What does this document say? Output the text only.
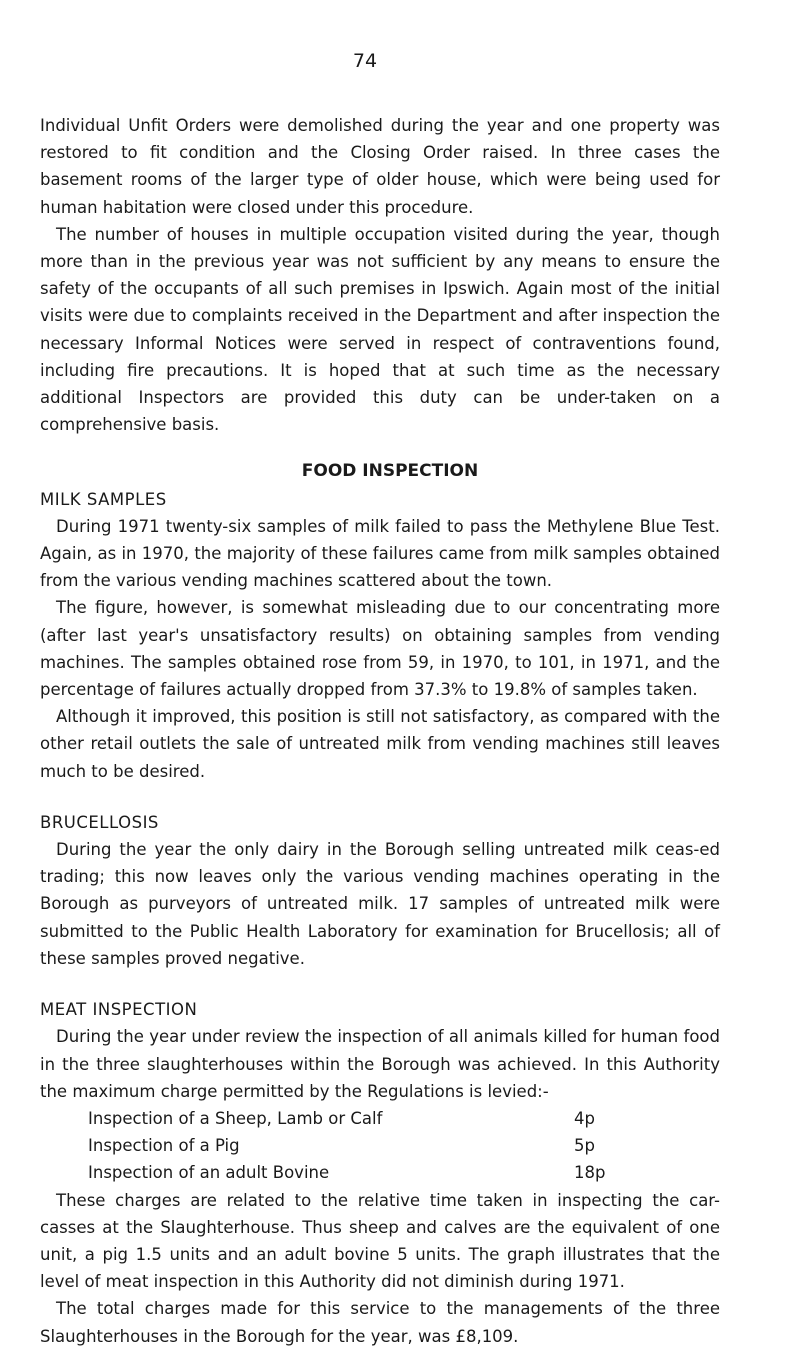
74

Individual Unfit Orders were demolished during the year and one property was restored to fit condition and the Closing Order raised. In three cases the basement rooms of the larger type of older house, which were being used for human habitation were closed under this procedure.

The number of houses in multiple occupation visited during the year, though more than in the previous year was not sufficient by any means to ensure the safety of the occupants of all such premises in Ipswich. Again most of the initial visits were due to complaints received in the Department and after inspection the necessary Informal Notices were served in respect of contraventions found, including fire precautions. It is hoped that at such time as the necessary additional Inspectors are provided this duty can be under-taken on a comprehensive basis.

FOOD INSPECTION

MILK SAMPLES

During 1971 twenty-six samples of milk failed to pass the Methylene Blue Test. Again, as in 1970, the majority of these failures came from milk samples obtained from the various vending machines scattered about the town.

The figure, however, is somewhat misleading due to our concentrating more (after last year's unsatisfactory results) on obtaining samples from vending machines. The samples obtained rose from 59, in 1970, to 101, in 1971, and the percentage of failures actually dropped from 37.3% to 19.8% of samples taken.

Although it improved, this position is still not satisfactory, as compared with the other retail outlets the sale of untreated milk from vending machines still leaves much to be desired.

BRUCELLOSIS

During the year the only dairy in the Borough selling untreated milk ceas-ed trading; this now leaves only the various vending machines operating in the Borough as purveyors of untreated milk. 17 samples of untreated milk were submitted to the Public Health Laboratory for examination for Brucellosis; all of these samples proved negative.

MEAT INSPECTION

During the year under review the inspection of all animals killed for human food in the three slaughterhouses within the Borough was achieved. In this Authority the maximum charge permitted by the Regulations is levied:-

Inspection of a Sheep, Lamb or Calf	4p
Inspection of a Pig	5p
Inspection of an adult Bovine	18p

These charges are related to the relative time taken in inspecting the car-casses at the Slaughterhouse. Thus sheep and calves are the equivalent of one unit, a pig 1.5 units and an adult bovine 5 units. The graph illustrates that the level of meat inspection in this Authority did not diminish during 1971.

The total charges made for this service to the managements of the three Slaughterhouses in the Borough for the year, was £8,109.
